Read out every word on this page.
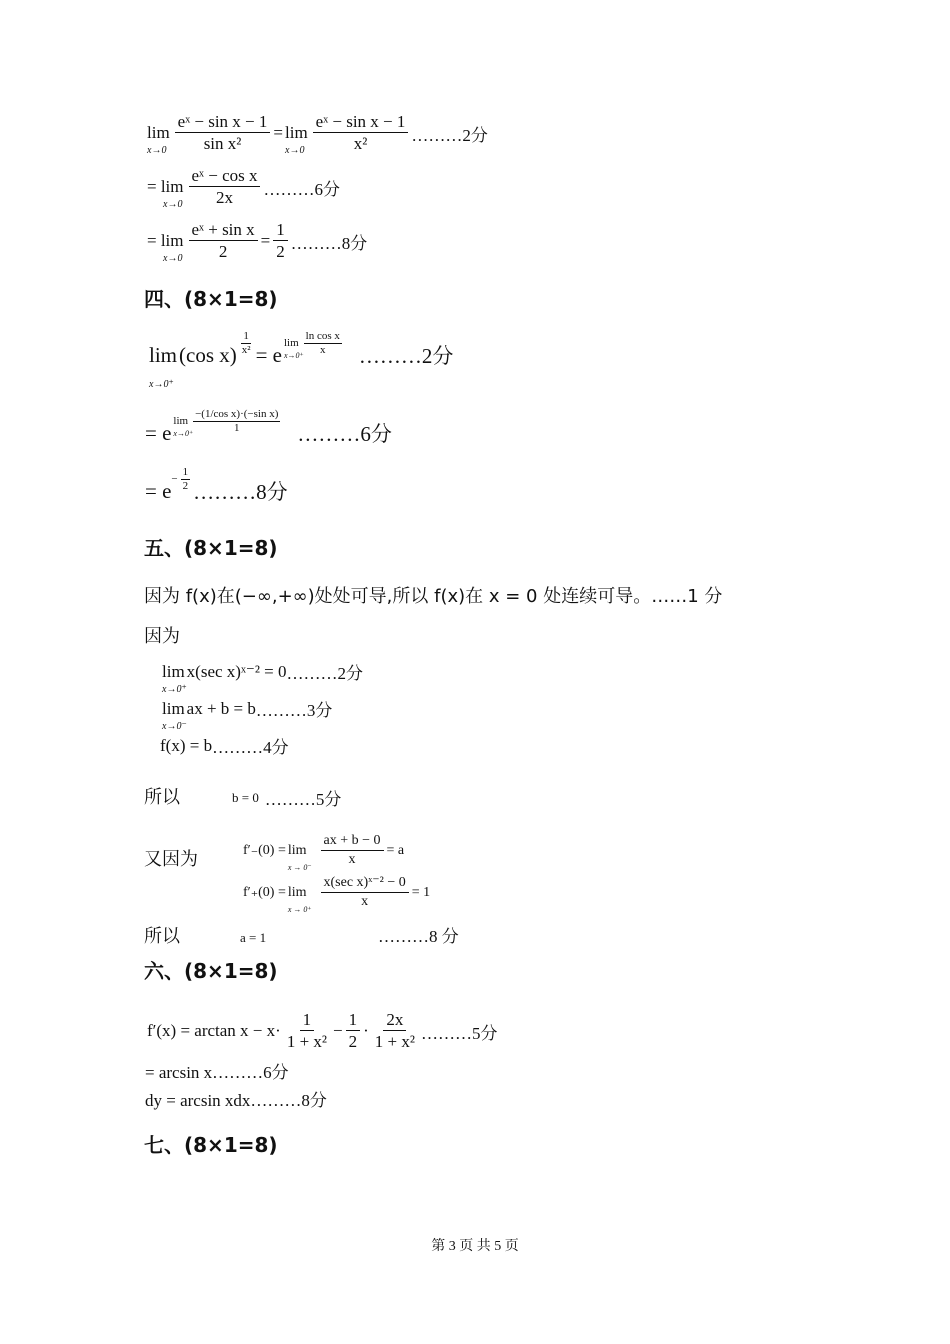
lim
$x\to 0 \frac{\text{eˣ − sin x − 1}}{\text{sin x²}} = \lim$
$x\to 0 \frac{\text{eˣ − sin x − 1}}{\text{x²}}$ ………2分
= lim
$x\to 0 \frac{\text{eˣ − cos x}}{2x}$ ………6分
= lim
$x\to 0 \frac{\text{eˣ + sin x}}{2} = \frac{1}{2}$ ………8分
四、(8×1=8)
lim
x→0⁺
(cos $x) \frac{1}{\text{x²}} = e$ lim
$x\to 0^+ \frac{\text{ln cos x}}{x}$
………2分
= e lim
$x\to 0^+ \frac{\text{−(1/cos x)·(−sin x)}}{1}$
………6分
= $e - \frac{1}{2}$
………8分
五、(8×1=8)
因为 f(x)在(−∞,+∞)处处可导,所以 f(x)在 x = 0 处连续可导。……1 分
因为
lim
x→0⁺
x(sec x)ˣ⁻² = 0 ………2分
lim
x→0⁻
ax + b = b ………3分
f(x) = b ………4分
所以	b = 0 ………5分
又因为	f′₋(0) = lim
$x \to 0^- \frac{ax + b - 0}{x} = a$
f′₊(0) = lim
$x \to 0^+ \frac{\text{x(sec x)ˣ⁻² − 0}}{x} = 1$
所以	a = 1	………8 分
六、(8×1=8)
$f'(x) = \arctan x - x\cdot \frac{1}{\text{1 + x²}} - \frac{1}{2} \cdot \frac{2x}{\text{1 + x²}}$ ………5分
= arcsin x………6分
dy = arcsin xdx………8分
七、(8×1=8)
第 3 页 共 5 页
